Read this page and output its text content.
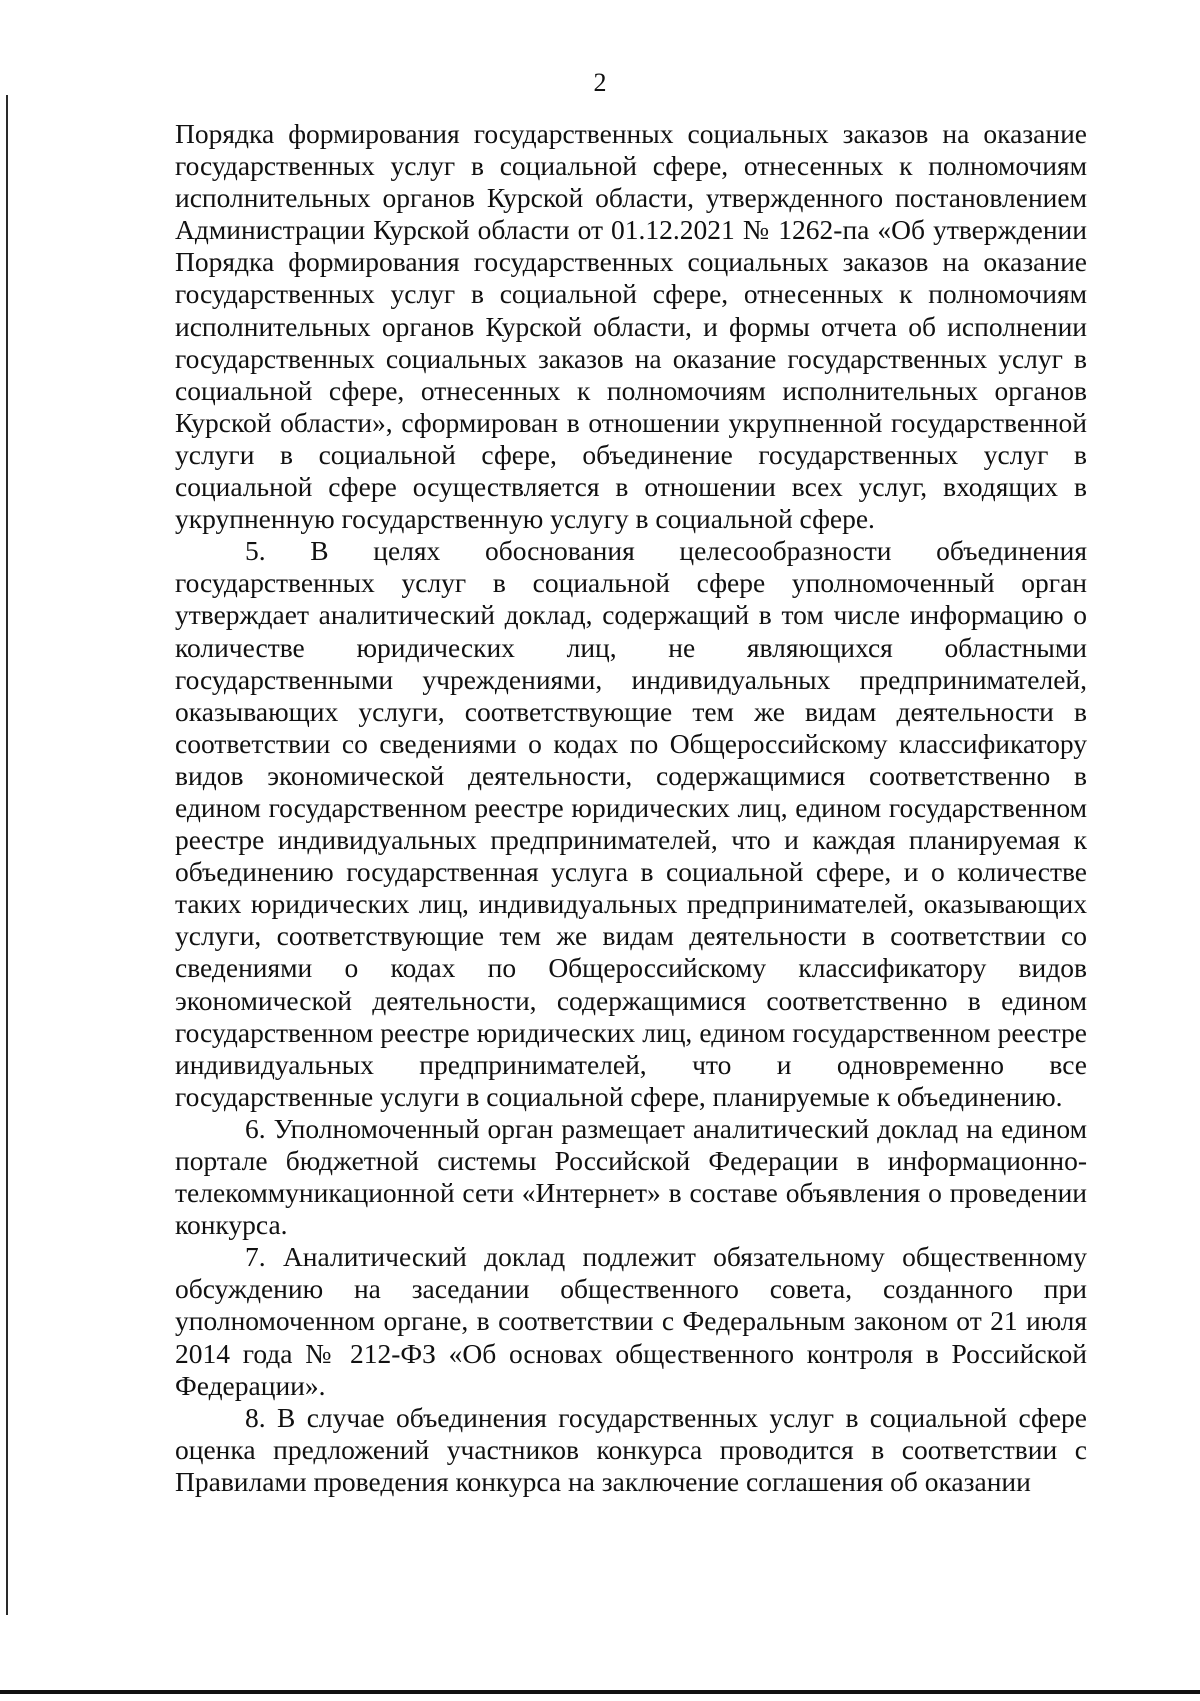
2

Порядка формирования государственных социальных заказов на оказание государственных услуг в социальной сфере, отнесенных к полномочиям исполнительных органов Курской области, утвержденного постановлением Администрации Курской области от 01.12.2021 № 1262-па «Об утверждении Порядка формирования государственных социальных заказов на оказание государственных услуг в социальной сфере, отнесенных к полномочиям исполнительных органов Курской области, и формы отчета об исполнении государственных социальных заказов на оказание государственных услуг в социальной сфере, отнесенных к полномочиям исполнительных органов Курской области», сформирован в отношении укрупненной государственной услуги в социальной сфере, объединение государственных услуг в социальной сфере осуществляется в отношении всех услуг, входящих в укрупненную государственную услугу в социальной сфере.

5. В целях обоснования целесообразности объединения государственных услуг в социальной сфере уполномоченный орган утверждает аналитический доклад, содержащий в том числе информацию о количестве юридических лиц, не являющихся областными государственными учреждениями, индивидуальных предпринимателей, оказывающих услуги, соответствующие тем же видам деятельности в соответствии со сведениями о кодах по Общероссийскому классификатору видов экономической деятельности, содержащимися соответственно в едином государственном реестре юридических лиц, едином государственном реестре индивидуальных предпринимателей, что и каждая планируемая к объединению государственная услуга в социальной сфере, и о количестве таких юридических лиц, индивидуальных предпринимателей, оказывающих услуги, соответствующие тем же видам деятельности в соответствии со сведениями о кодах по Общероссийскому классификатору видов экономической деятельности, содержащимися соответственно в едином государственном реестре юридических лиц, едином государственном реестре индивидуальных предпринимателей, что и одновременно все государственные услуги в социальной сфере, планируемые к объединению.

6. Уполномоченный орган размещает аналитический доклад на едином портале бюджетной системы Российской Федерации в информационно-телекоммуникационной сети «Интернет» в составе объявления о проведении конкурса.

7. Аналитический доклад подлежит обязательному общественному обсуждению на заседании общественного совета, созданного при уполномоченном органе, в соответствии с Федеральным законом от 21 июля 2014 года № 212-ФЗ «Об основах общественного контроля в Российской Федерации».

8. В случае объединения государственных услуг в социальной сфере оценка предложений участников конкурса проводится в соответствии с Правилами проведения конкурса на заключение соглашения об оказании
